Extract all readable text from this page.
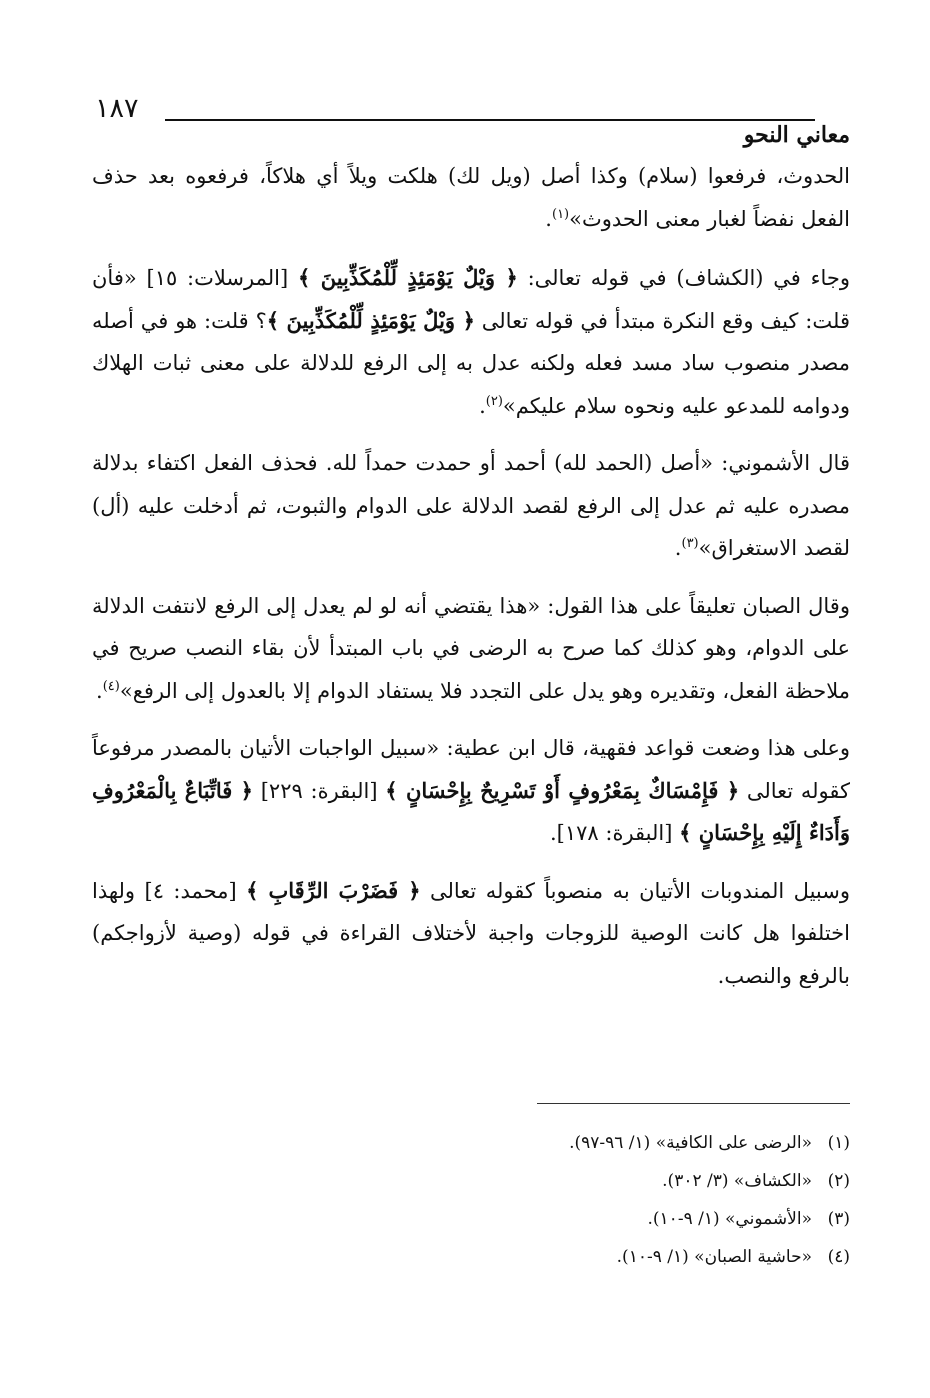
١٨٧
معاني النحو

الحدوث، فرفعوا (سلام) وكذا أصل (ويل لك) هلكت ويلاً أي هلاكاً، فرفعوه بعد حذف الفعل نفضاً لغبار معنى الحدوث»$^{(١)}$.

وجاء في (الكشاف) في قوله تعالى: ﴿ وَيْلٌ يَوْمَئِذٍ لِّلْمُكَذِّبِينَ ﴾ [المرسلات: ١٥] «فأن قلت: كيف وقع النكرة مبتدأ في قوله تعالى ﴿ وَيْلٌ يَوْمَئِذٍ لِّلْمُكَذِّبِينَ ﴾؟ قلت: هو في أصله مصدر منصوب ساد مسد فعله ولكنه عدل به إلى الرفع للدلالة على معنى ثبات الهلاك ودوامه للمدعو عليه ونحوه سلام عليكم»$^{(٢)}$.

قال الأشموني: «أصل (الحمد لله) أحمد أو حمدت حمداً لله. فحذف الفعل اكتفاء بدلالة مصدره عليه ثم عدل إلى الرفع لقصد الدلالة على الدوام والثبوت، ثم أدخلت عليه (أل) لقصد الاستغراق»$^{(٣)}$.

وقال الصبان تعليقاً على هذا القول: «هذا يقتضي أنه لو لم يعدل إلى الرفع لانتفت الدلالة على الدوام، وهو كذلك كما صرح به الرضى في باب المبتدأ لأن بقاء النصب صريح في ملاحظة الفعل، وتقديره وهو يدل على التجدد فلا يستفاد الدوام إلا بالعدول إلى الرفع»$^{(٤)}$.

وعلى هذا وضعت قواعد فقهية، قال ابن عطية: «سبيل الواجبات الأتيان بالمصدر مرفوعاً كقوله تعالى ﴿ فَإِمْسَاكٌ بِمَعْرُوفٍ أَوْ تَسْرِيحٌ بِإِحْسَانٍ ﴾ [البقرة: ٢٢٩] ﴿ فَاتِّبَاعٌ بِالْمَعْرُوفِ وَأَدَاءٌ إِلَيْهِ بِإِحْسَانٍ ﴾ [البقرة: ١٧٨].

وسبيل المندوبات الأتيان به منصوباً كقوله تعالى ﴿ فَضَرْبَ الرِّقَابِ ﴾ [محمد: ٤] ولهذا اختلفوا هل كانت الوصية للزوجات واجبة لأختلاف القراءة في قوله (وصية لأزواجكم) بالرفع والنصب.

(١)«الرضى على الكافية» (١/ ٩٦-٩٧).
(٢)«الكشاف» (٣/ ٣٠٢).
(٣)«الأشموني» (١/ ٩-١٠).
(٤)«حاشية الصبان» (١/ ٩-١٠).
